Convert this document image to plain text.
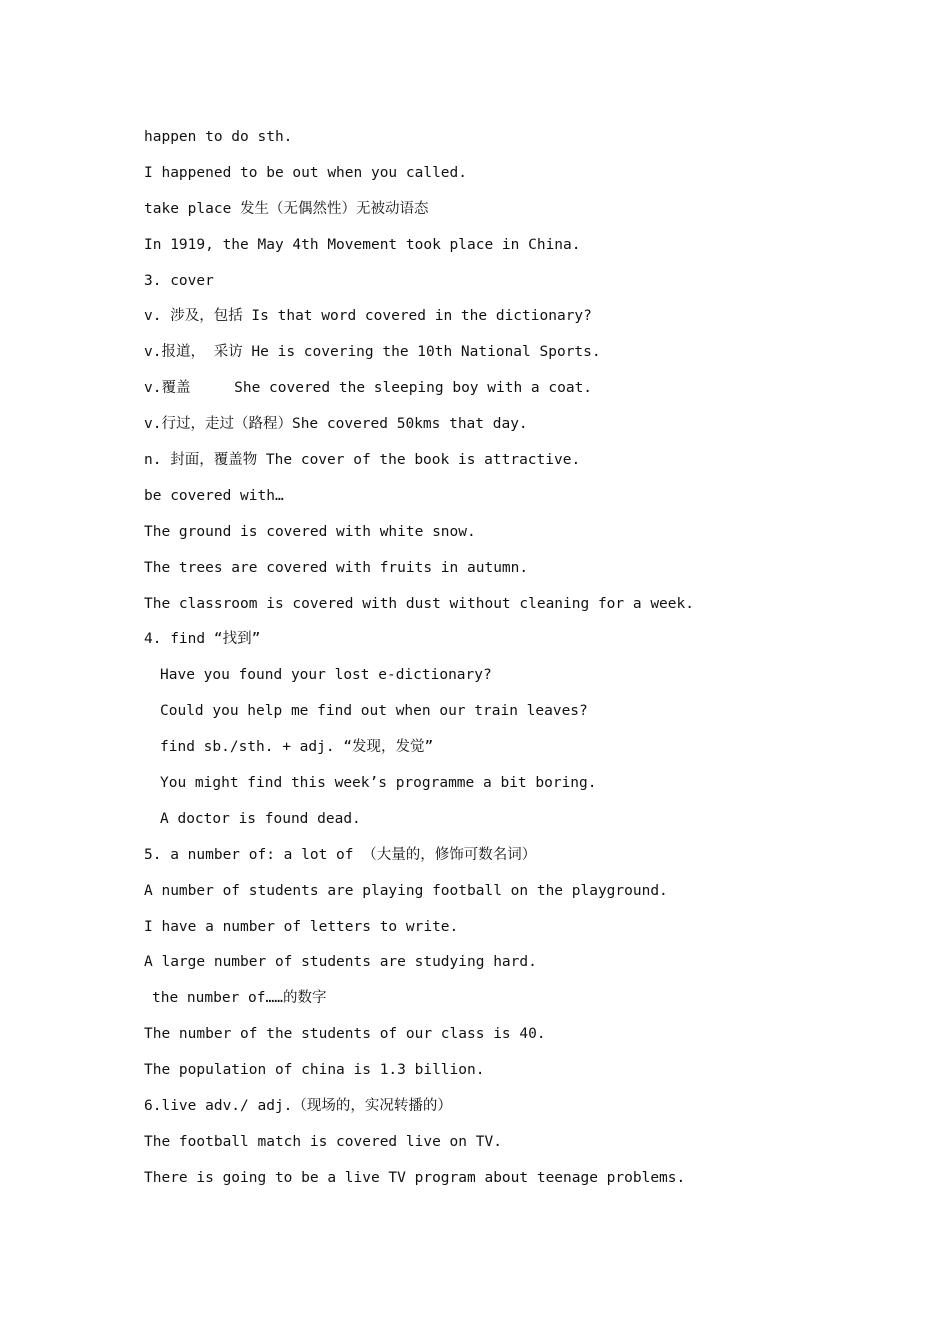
happen to do sth.
I happened to be out when you called.
take place 发生（无偶然性）无被动语态
In 1919, the May 4th Movement took place in China.
3. cover
v. 涉及，包括 Is that word covered in the dictionary?
v.报道， 采访 He is covering the 10th National Sports.
v.覆盖     She covered the sleeping boy with a coat.
v.行过，走过（路程）She covered 50kms that day.
n. 封面，覆盖物 The cover of the book is attractive.
be covered with…
The ground is covered with white snow.
The trees are covered with fruits in autumn.
The classroom is covered with dust without cleaning for a week.
4. find “找到”
Have you found your lost e-dictionary?
Could you help me find out when our train leaves?
find sb./sth. + adj. “发现，发觉”
You might find this week’s programme a bit boring.
A doctor is found dead.
5. a number of: a lot of （大量的，修饰可数名词）
A number of students are playing football on the playground.
I have a number of letters to write.
A large number of students are studying hard.
the number of……的数字
The number of the students of our class is 40.
The population of china is 1.3 billion.
6.live adv./ adj.（现场的，实况转播的）
The football match is covered live on TV.
There is going to be a live TV program about teenage problems.
